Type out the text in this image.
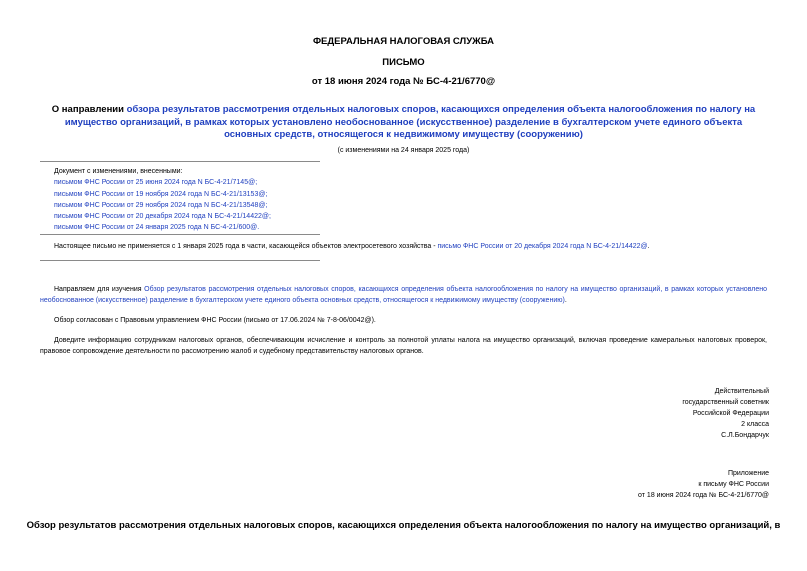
ФЕДЕРАЛЬНАЯ НАЛОГОВАЯ СЛУЖБА
ПИСЬМО
от 18 июня 2024 года № БС-4-21/6770@
О направлении обзора результатов рассмотрения отдельных налоговых споров, касающихся определения объекта налогообложения по налогу на имущество организаций, в рамках которых установлено необоснованное (искусственное) разделение в бухгалтерском учете единого объекта основных средств, относящегося к недвижимому имуществу (сооружению)
(с изменениями на 24 января 2025 года)
Документ с изменениями, внесенными:
письмом ФНС России от 25 июня 2024 года N БС-4-21/7145@;
письмом ФНС России от 19 ноября 2024 года N БС-4-21/13153@;
письмом ФНС России от 29 ноября 2024 года N БС-4-21/13548@;
письмом ФНС России от 20 декабря 2024 года N БС-4-21/14422@;
письмом ФНС России от 24 января 2025 года N БС-4-21/600@.
Настоящее письмо не применяется с 1 января 2025 года в части, касающейся объектов электросетевого хозяйства - письмо ФНС России от 20 декабря 2024 года N БС-4-21/14422@.
Направляем для изучения Обзор результатов рассмотрения отдельных налоговых споров, касающихся определения объекта налогообложения по налогу на имущество организаций, в рамках которых установлено необоснованное (искусственное) разделение в бухгалтерском учете единого объекта основных средств, относящегося к недвижимому имуществу (сооружению).
Обзор согласован с Правовым управлением ФНС России (письмо от 17.06.2024 № 7-8-06/0042@).
Доведите информацию сотрудникам налоговых органов, обеспечивающим исчисление и контроль за полнотой уплаты налога на имущество организаций, включая проведение камеральных налоговых проверок, правовое сопровождение деятельности по рассмотрению жалоб и судебному представительству налоговых органов.
Действительный
государственный советник
Российской Федерации
2 класса
С.Л.Бондарчук
Приложение
к письму ФНС России
от 18 июня 2024 года № БС-4-21/6770@
Обзор результатов рассмотрения отдельных налоговых споров, касающихся определения объекта налогообложения по налогу на имущество организаций, в
